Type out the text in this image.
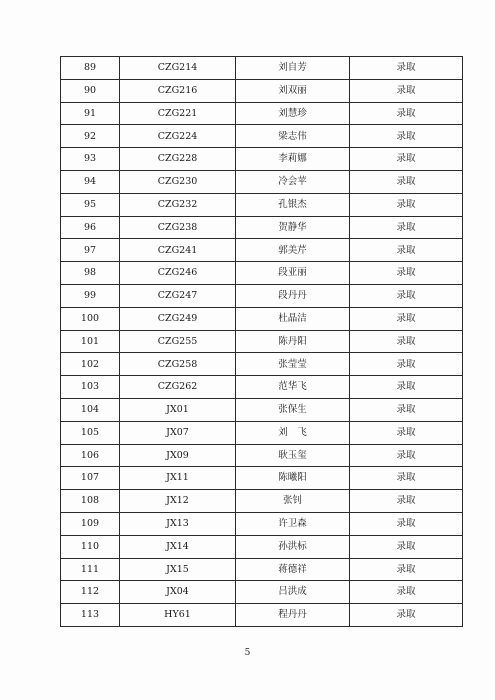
89	CZG214	刘自芳	录取
90	CZG216	刘双丽	录取
91	CZG221	刘慧珍	录取
92	CZG224	梁志伟	录取
93	CZG228	李莉娜	录取
94	CZG230	冷会苹	录取
95	CZG232	孔银杰	录取
96	CZG238	贺静华	录取
97	CZG241	郭美芹	录取
98	CZG246	段亚丽	录取
99	CZG247	段丹丹	录取
100	CZG249	杜晶洁	录取
101	CZG255	陈丹阳	录取
102	CZG258	张莹莹	录取
103	CZG262	范华飞	录取
104	JX01	张保生	录取
105	JX07	刘　飞	录取
106	JX09	耿玉玺	录取
107	JX11	陈曦阳	录取
108	JX12	张钊	录取
109	JX13	许卫森	录取
110	JX14	孙洪标	录取
111	JX15	蒋德祥	录取
112	JX04	吕洪成	录取
113	HY61	程丹丹	录取
5
